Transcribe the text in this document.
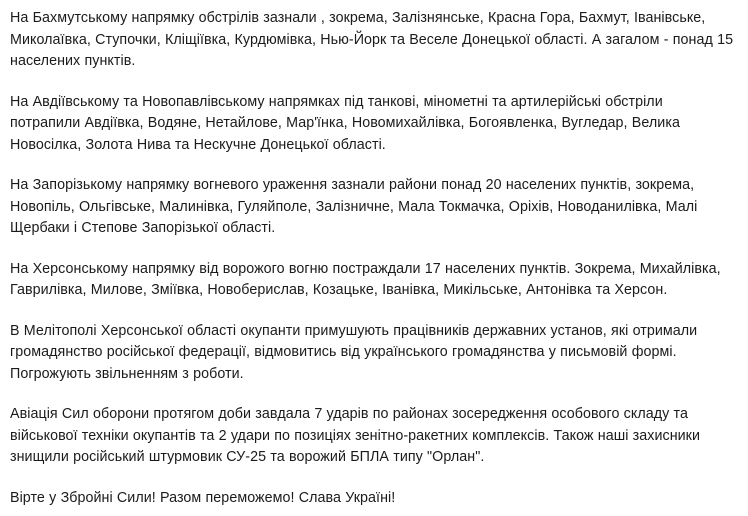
На Бахмутському напрямку обстрілів зазнали , зокрема, Залізнянське, Красна Гора, Бахмут, Іванівське, Миколаївка, Ступочки, Кліщіївка, Курдюмівка, Нью-Йорк та Веселе Донецької області. А загалом - понад 15 населених пунктів.

На Авдіївському та Новопавлівському напрямках під танкові, мінометні та артилерійські обстріли потрапили Авдіївка, Водяне, Нетайлове, Мар'їнка, Новомихайлівка, Богоявленка, Вугледар, Велика Новосілка, Золота Нива та Нескучне Донецької області.

На Запорізькому напрямку вогневого ураження зазнали райони понад 20 населених пунктів, зокрема, Новопіль, Ольгівське, Малинівка, Гуляйполе, Залізничне, Мала Токмачка, Оріхів, Новоданилівка, Малі Щербаки і Степове Запорізької області.

На Херсонському напрямку від ворожого вогню постраждали 17 населених пунктів. Зокрема, Михайлівка, Гаврилівка, Милове, Зміївка, Новоберислав, Козацьке, Іванівка, Микільське, Антонівка та Херсон.

В Мелітополі Херсонської області окупанти примушують працівників державних установ, які отримали громадянство російської федерації, відмовитись від українського громадянства у письмовій формі. Погрожують звільненням з роботи.

Авіація Сил оборони протягом доби завдала 7 ударів по районах зосередження особового складу та військової техніки окупантів та 2 удари по позиціях зенітно-ракетних комплексів. Також наші захисники знищили російський штурмовик СУ-25 та ворожий БПЛА типу "Орлан".

Вірте у Збройні Сили! Разом переможемо! Слава Україні!
